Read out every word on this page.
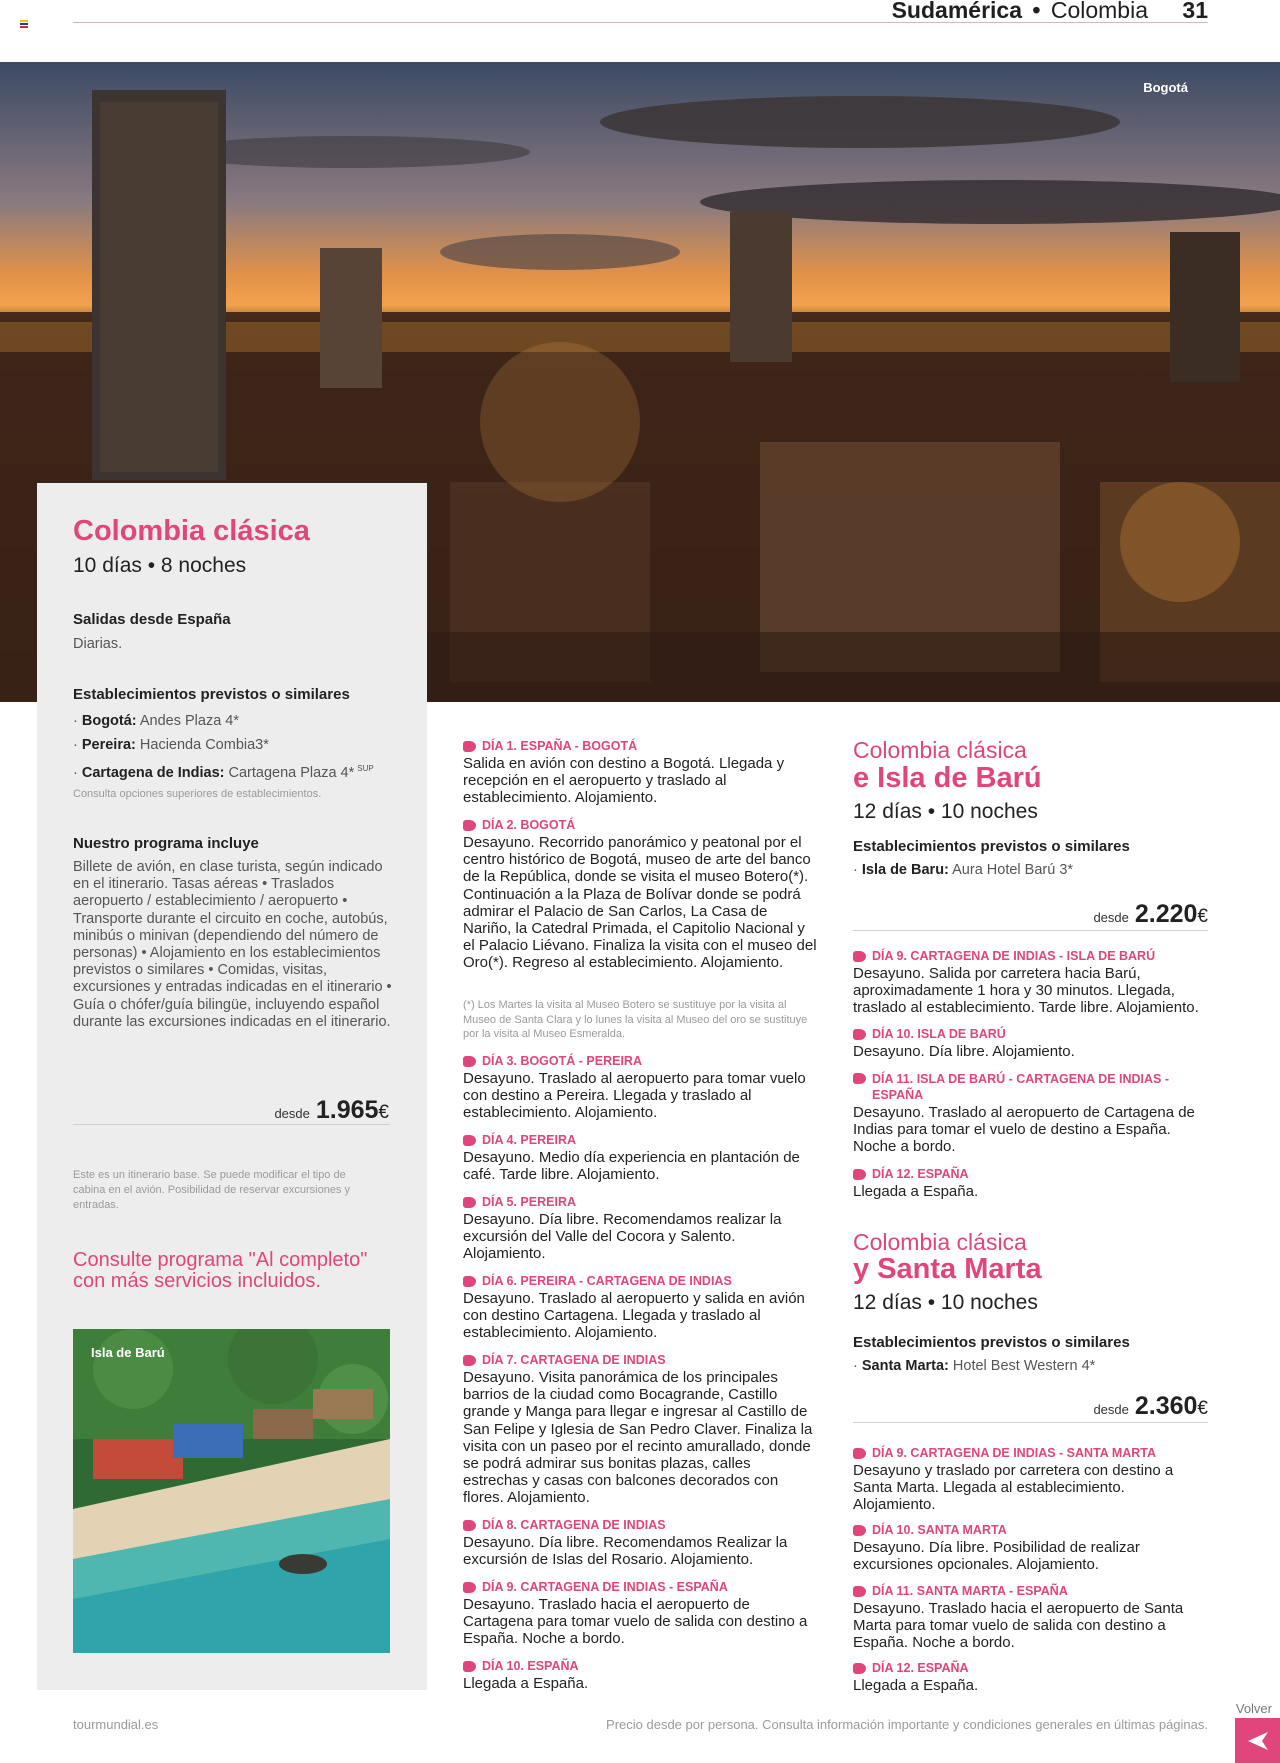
Sudamérica • Colombia 31
Bogotá
Colombia clásica
10 días • 8 noches
Salidas desde España
Diarias.
Establecimientos previstos o similares
· Bogotá: Andes Plaza 4*
· Pereira: Hacienda Combia3*
· Cartagena de Indias: Cartagena Plaza 4* $^{SUP}$
Consulta opciones superiores de establecimientos.
Nuestro programa incluye
Billete de avión, en clase turista, según indicado en el itinerario. Tasas aéreas • Traslados aeropuerto / establecimiento / aeropuerto • Transporte durante el circuito en coche, autobús, minibús o minivan (dependiendo del número de personas) • Alojamiento en los establecimientos previstos o similares • Comidas, visitas, excursiones y entradas indicadas en el itinerario • Guía o chófer/guía bilingüe, incluyendo español durante las excursiones indicadas en el itinerario.
desde 1.965€
Este es un itinerario base. Se puede modificar el tipo de cabina en el avión. Posibilidad de reservar excursiones y entradas.
Consulte programa "Al completo" con más servicios incluidos.
Isla de Barú
DÍA 1. ESPAÑA - BOGOTÁ
Salida en avión con destino a Bogotá. Llegada y recepción en el aeropuerto y traslado al establecimiento. Alojamiento.
DÍA 2. BOGOTÁ
Desayuno. Recorrido panorámico y peatonal por el centro histórico de Bogotá, museo de arte del banco de la República, donde se visita el museo Botero(*). Continuación a la Plaza de Bolívar donde se podrá admirar el Palacio de San Carlos, La Casa de Nariño, la Catedral Primada, el Capitolio Nacional y el Palacio Liévano. Finaliza la visita con el museo del Oro(*). Regreso al establecimiento. Alojamiento.
(*) Los Martes la visita al Museo Botero se sustituye por la visita al Museo de Santa Clara y lo lunes la visita al Museo del oro se sustituye por la visita al Museo Esmeralda.
DÍA 3. BOGOTÁ - PEREIRA
Desayuno. Traslado al aeropuerto para tomar vuelo con destino a Pereira. Llegada y traslado al establecimiento. Alojamiento.
DÍA 4. PEREIRA
Desayuno. Medio día experiencia en plantación de café. Tarde libre. Alojamiento.
DÍA 5. PEREIRA
Desayuno. Día libre. Recomendamos realizar la excursión del Valle del Cocora y Salento. Alojamiento.
DÍA 6. PEREIRA - CARTAGENA DE INDIAS
Desayuno. Traslado al aeropuerto y salida en avión con destino Cartagena. Llegada y traslado al establecimiento. Alojamiento.
DÍA 7. CARTAGENA DE INDIAS
Desayuno. Visita panorámica de los principales barrios de la ciudad como Bocagrande, Castillo grande y Manga para llegar e ingresar al Castillo de San Felipe y Iglesia de San Pedro Claver. Finaliza la visita con un paseo por el recinto amurallado, donde se podrá admirar sus bonitas plazas, calles estrechas y casas con balcones decorados con flores. Alojamiento.
DÍA 8. CARTAGENA DE INDIAS
Desayuno. Día libre. Recomendamos Realizar la excursión de Islas del Rosario. Alojamiento.
DÍA 9. CARTAGENA DE INDIAS - ESPAÑA
Desayuno. Traslado hacia el aeropuerto de Cartagena para tomar vuelo de salida con destino a España. Noche a bordo.
DÍA 10. ESPAÑA
Llegada a España.
Colombia clásica
e Isla de Barú
12 días • 10 noches
Establecimientos previstos o similares
· Isla de Baru: Aura Hotel Barú 3*
desde 2.220€
DÍA 9. CARTAGENA DE INDIAS - ISLA DE BARÚ
Desayuno. Salida por carretera hacia Barú, aproximadamente 1 hora y 30 minutos. Llegada, traslado al establecimiento. Tarde libre. Alojamiento.
DÍA 10. ISLA DE BARÚ
Desayuno. Día libre. Alojamiento.
DÍA 11. ISLA DE BARÚ - CARTAGENA DE INDIAS - ESPAÑA
Desayuno. Traslado al aeropuerto de Cartagena de Indias para tomar el vuelo de destino a España. Noche a bordo.
DÍA 12. ESPAÑA
Llegada a España.
Colombia clásica
y Santa Marta
12 días • 10 noches
Establecimientos previstos o similares
· Santa Marta: Hotel Best Western 4*
desde 2.360€
DÍA 9. CARTAGENA DE INDIAS - SANTA MARTA
Desayuno y traslado por carretera con destino a Santa Marta. Llegada al establecimiento. Alojamiento.
DÍA 10. SANTA MARTA
Desayuno. Día libre. Posibilidad de realizar excursiones opcionales. Alojamiento.
DÍA 11. SANTA MARTA - ESPAÑA
Desayuno. Traslado hacia el aeropuerto de Santa Marta para tomar vuelo de salida con destino a España. Noche a bordo.
DÍA 12. ESPAÑA
Llegada a España.
tourmundial.es	Precio desde por persona. Consulta información importante y condiciones generales en últimas páginas.
Volver
